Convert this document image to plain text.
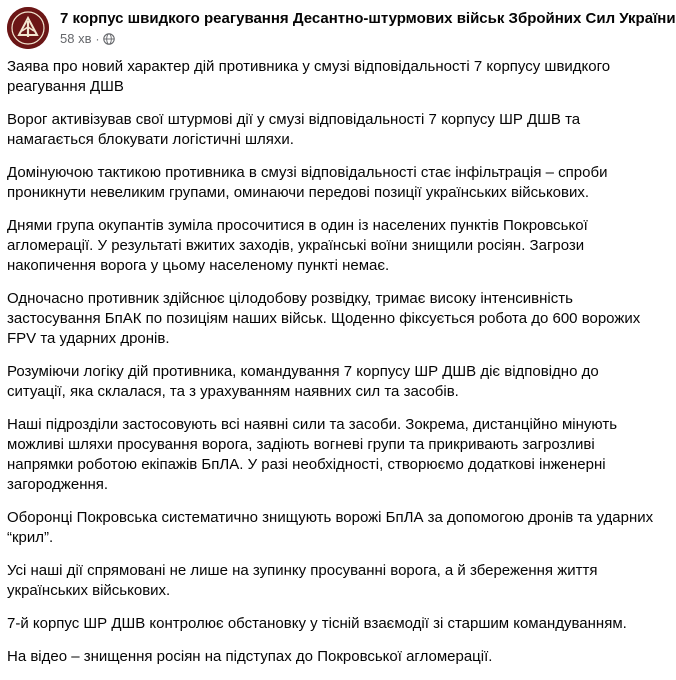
7 корпус швидкого реагування Десантно-штурмових військ Збройних Сил України
58 хв ·

Заява про новий характер дій противника у смузі відповідальності 7 корпусу швидкого реагування ДШВ

Ворог активізував свої штурмові дії у смузі відповідальності 7 корпусу ШР ДШВ та намагається блокувати логістичні шляхи.

Домінуючою тактикою противника в смузі відповідальності стає інфільтрація – спроби проникнути невеликим групами, оминаючи передові позиції українських військових.

Днями група окупантів зуміла просочитися в один із населених пунктів Покровської агломерації. У результаті вжитих заходів, українські воїни знищили росіян. Загрози накопичення ворога у цьому населеному пункті немає.

Одночасно противник здійснює цілодобову розвідку, тримає високу інтенсивність застосування БпАК по позиціям наших військ. Щоденно фіксується робота до 600 ворожих FPV та ударних дронів.

Розуміючи логіку дій противника, командування 7 корпусу ШР ДШВ діє відповідно до ситуації, яка склалася, та з урахуванням наявних сил та засобів.

Наші підрозділи застосовують всі наявні сили та засоби. Зокрема, дистанційно мінують можливі шляхи просування ворога, задіють вогневі групи та прикривають загрозливі напрямки роботою екіпажів БпЛА. У разі необхідності, створюємо додаткові інженерні загородження.

Оборонці Покровська систематично знищують ворожі БпЛА за допомогою дронів та ударних “крил”.

Усі наші дії спрямовані не лише на зупинку просуванні ворога, а й збереження життя українських військових.

7-й корпус ШР ДШВ контролює обстановку у тісній взаємодії зі старшим командуванням.

На відео – знищення росіян на підступах до Покровської агломерації.
